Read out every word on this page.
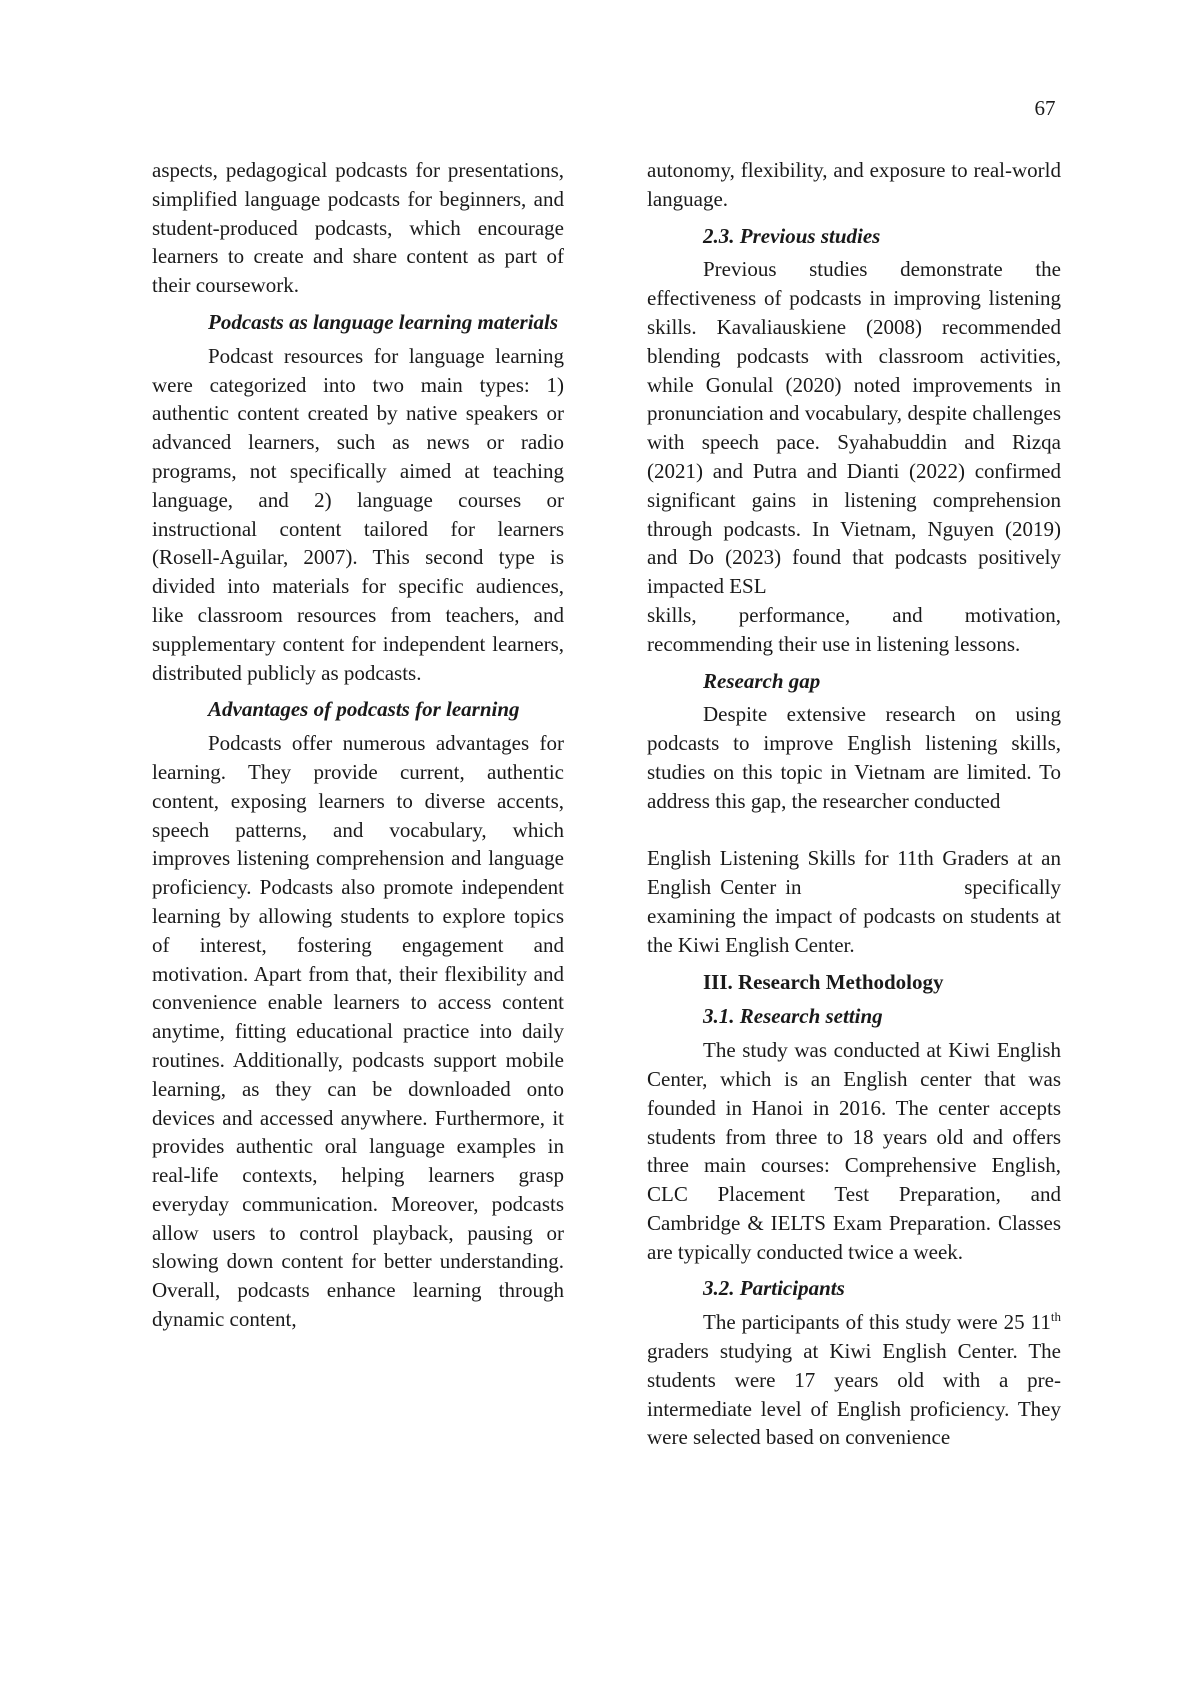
67

aspects, pedagogical podcasts for presentations, simplified language podcasts for beginners, and student-produced podcasts, which encourage learners to create and share content as part of their coursework.

Podcasts as language learning materials

Podcast resources for language learning were categorized into two main types: 1) authentic content created by native speakers or advanced learners, such as news or radio programs, not specifically aimed at teaching language, and 2) language courses or instructional content tailored for learners (Rosell-Aguilar, 2007). This second type is divided into materials for specific audiences, like classroom resources from teachers, and supplementary content for independent learners, distributed publicly as podcasts.

Advantages of podcasts for learning

Podcasts offer numerous advantages for learning. They provide current, authentic content, exposing learners to diverse accents, speech patterns, and vocabulary, which improves listening comprehension and language proficiency. Podcasts also promote independent learning by allowing students to explore topics of interest, fostering engagement and motivation. Apart from that, their flexibility and convenience enable learners to access content anytime, fitting educational practice into daily routines. Additionally, podcasts support mobile learning, as they can be downloaded onto devices and accessed anywhere. Furthermore, it provides authentic oral language examples in real-life contexts, helping learners grasp everyday communication. Moreover, podcasts allow users to control playback, pausing or slowing down content for better understanding. Overall, podcasts enhance learning through dynamic content,

autonomy, flexibility, and exposure to real-world language.

2.3. Previous studies

Previous studies demonstrate the effectiveness of podcasts in improving listening skills. Kavaliauskiene (2008) recommended blending podcasts with classroom activities, while Gonulal (2020) noted improvements in pronunciation and vocabulary, despite challenges with speech pace. Syahabuddin and Rizqa (2021) and Putra and Dianti (2022) confirmed significant gains in listening comprehension through podcasts. In Vietnam, Nguyen (2019) and Do (2023) found that podcasts positively impacted ESL

skills, performance, and motivation, recommending their use in listening lessons.

Research gap

Despite extensive research on using podcasts to improve English listening skills, studies on this topic in Vietnam are limited. To address this gap, the researcher conducted

English Listening Skills for 11th Graders at an English Center in                  specifically examining the impact of podcasts on students at the Kiwi English Center.

III. Research Methodology
3.1. Research setting

The study was conducted at Kiwi English Center, which is an English center that was founded in Hanoi in 2016. The center accepts students from three to 18 years old and offers three main courses: Comprehensive English, CLC Placement Test Preparation, and Cambridge & IELTS Exam Preparation. Classes are typically conducted twice a week.

3.2. Participants

The participants of this study were 25 11th graders studying at Kiwi English Center. The students were 17 years old with a pre-intermediate level of English proficiency. They were selected based on convenience
